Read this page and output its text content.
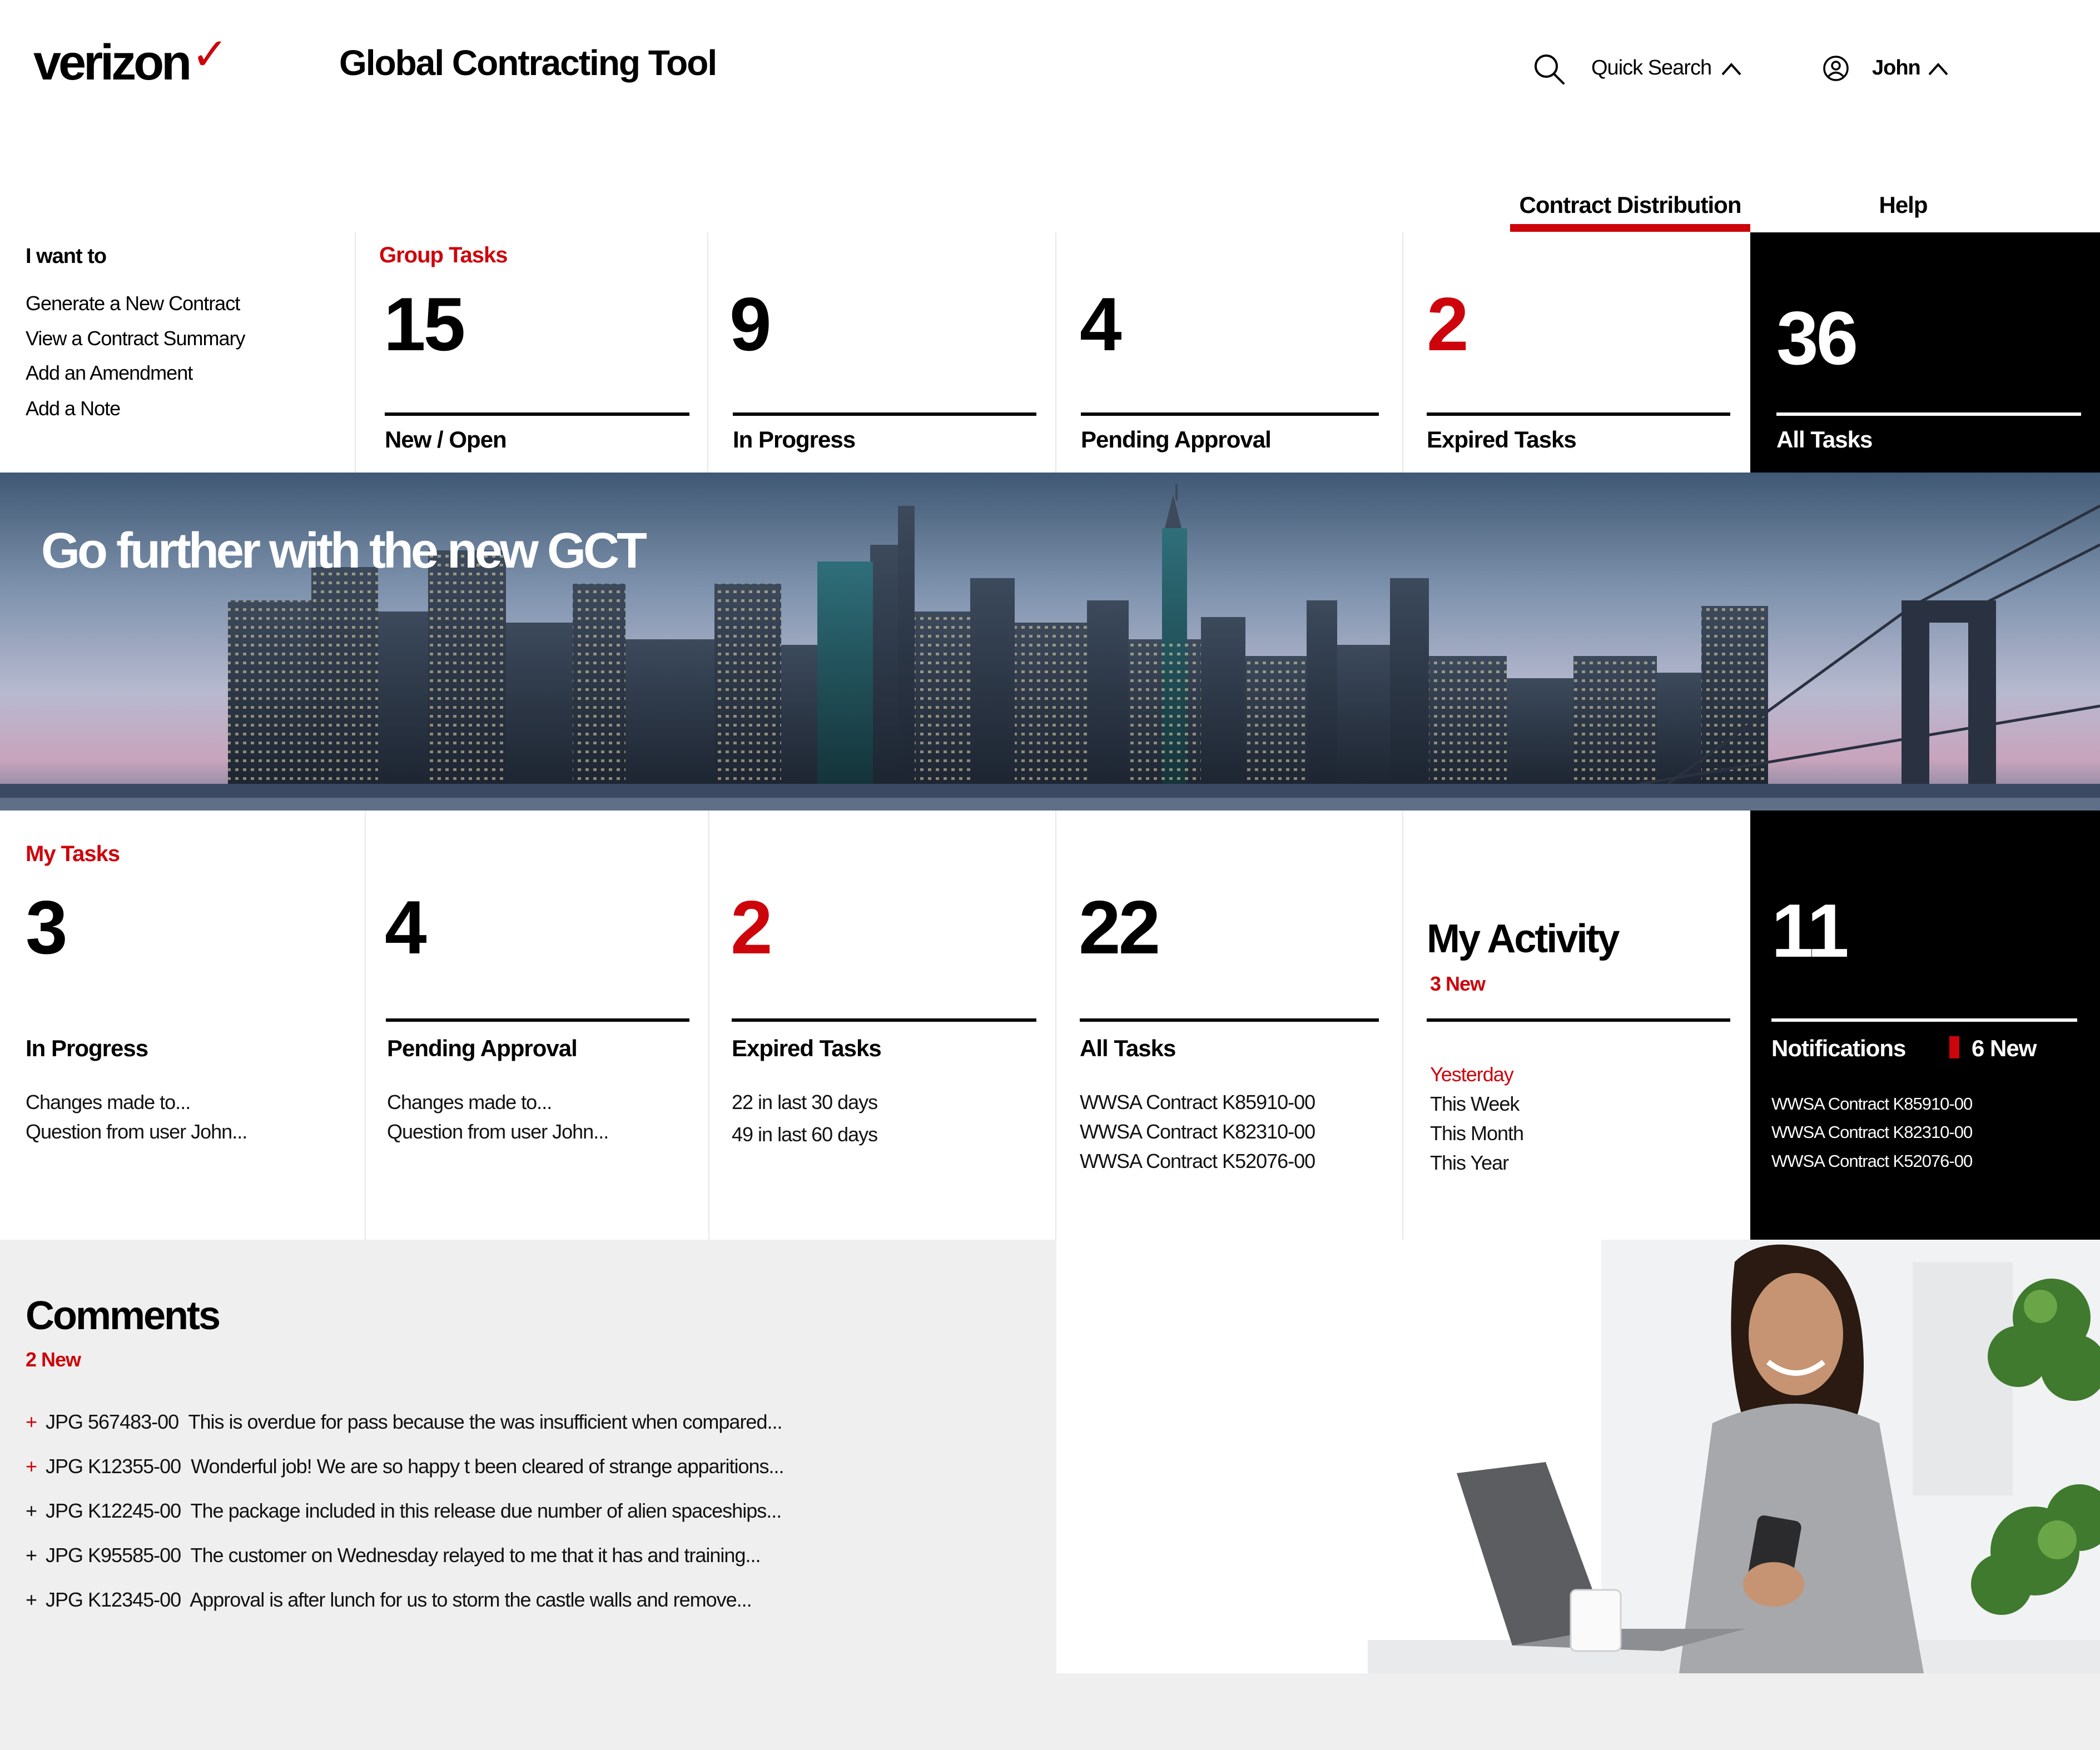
verizon✓	Global Contracting Tool	Quick Search	John
Contract Distribution	Help
I want to
Generate a New Contract
View a Contract Summary
Add an Amendment
Add a Note
Group Tasks
15
New / Open
9
In Progress
4
Pending Approval
2
Expired Tasks
36
All Tasks
Go further with the new GCT
My Tasks
3
In Progress
Changes made to...
Question from user John...
4
Pending Approval
Changes made to...
Question from user John...
2
Expired Tasks
22 in last 30 days
49 in last 60 days
22
All Tasks
WWSA Contract K85910-00
WWSA Contract K82310-00
WWSA Contract K52076-00
My Activity
3 New
Yesterday
This Week
This Month
This Year
11
Notifications	6 New
WWSA Contract K85910-00
WWSA Contract K82310-00
WWSA Contract K52076-00
Comments
2 New
+ JPG 567483-00 This is overdue for pass because the was insufficient when compared...
+ JPG K12355-00 Wonderful job! We are so happy t been cleared of strange apparitions...
+ JPG K12245-00 The package included in this release due number of alien spaceships...
+ JPG K95585-00 The customer on Wednesday relayed to me that it has and training...
+ JPG K12345-00 Approval is after lunch for us to storm the castle walls and remove...
